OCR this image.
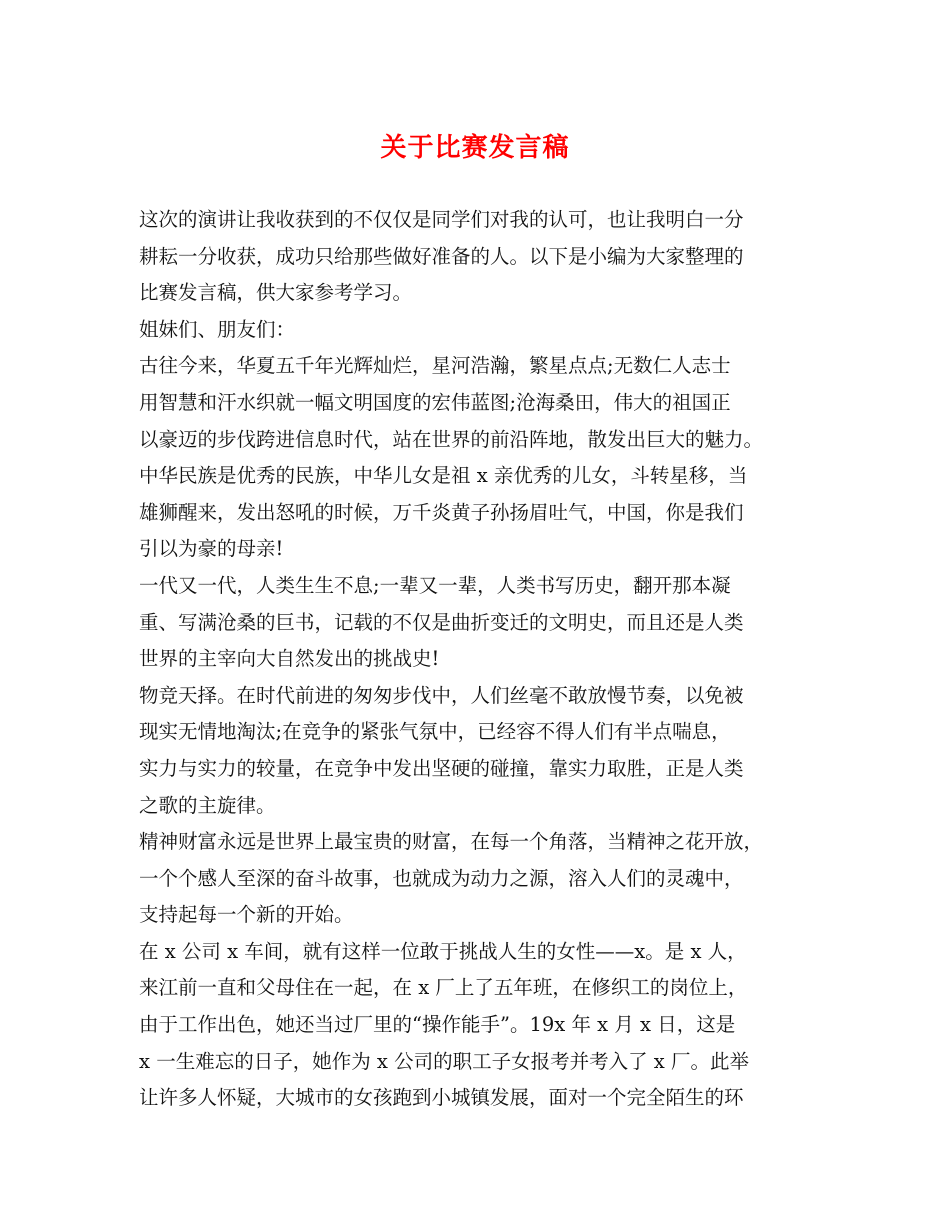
关于比赛发言稿
这次的演讲让我收获到的不仅仅是同学们对我的认可，也让我明白一分
耕耘一分收获，成功只给那些做好准备的人。以下是小编为大家整理的
比赛发言稿，供大家参考学习。
姐妹们、朋友们：
古往今来，华夏五千年光辉灿烂，星河浩瀚，繁星点点;无数仁人志士
用智慧和汗水织就一幅文明国度的宏伟蓝图;沧海桑田，伟大的祖国正
以豪迈的步伐跨进信息时代，站在世界的前沿阵地，散发出巨大的魅力。
中华民族是优秀的民族，中华儿女是祖 x 亲优秀的儿女，斗转星移，当
雄狮醒来，发出怒吼的时候，万千炎黄子孙扬眉吐气，中国，你是我们
引以为豪的母亲!
一代又一代，人类生生不息;一辈又一辈，人类书写历史，翻开那本凝
重、写满沧桑的巨书，记载的不仅是曲折变迁的文明史，而且还是人类
世界的主宰向大自然发出的挑战史!
物竞天择。在时代前进的匆匆步伐中，人们丝毫不敢放慢节奏，以免被
现实无情地淘汰;在竞争的紧张气氛中，已经容不得人们有半点喘息，
实力与实力的较量，在竞争中发出坚硬的碰撞，靠实力取胜，正是人类
之歌的主旋律。
精神财富永远是世界上最宝贵的财富，在每一个角落，当精神之花开放，
一个个感人至深的奋斗故事，也就成为动力之源，溶入人们的灵魂中，
支持起每一个新的开始。
在 x 公司 x 车间，就有这样一位敢于挑战人生的女性——x。是 x 人，
来江前一直和父母住在一起，在 x 厂上了五年班，在修织工的岗位上，
由于工作出色，她还当过厂里的“操作能手”。19x 年 x 月 x 日，这是
x 一生难忘的日子，她作为 x 公司的职工子女报考并考入了 x 厂。此举
让许多人怀疑，大城市的女孩跑到小城镇发展，面对一个完全陌生的环
